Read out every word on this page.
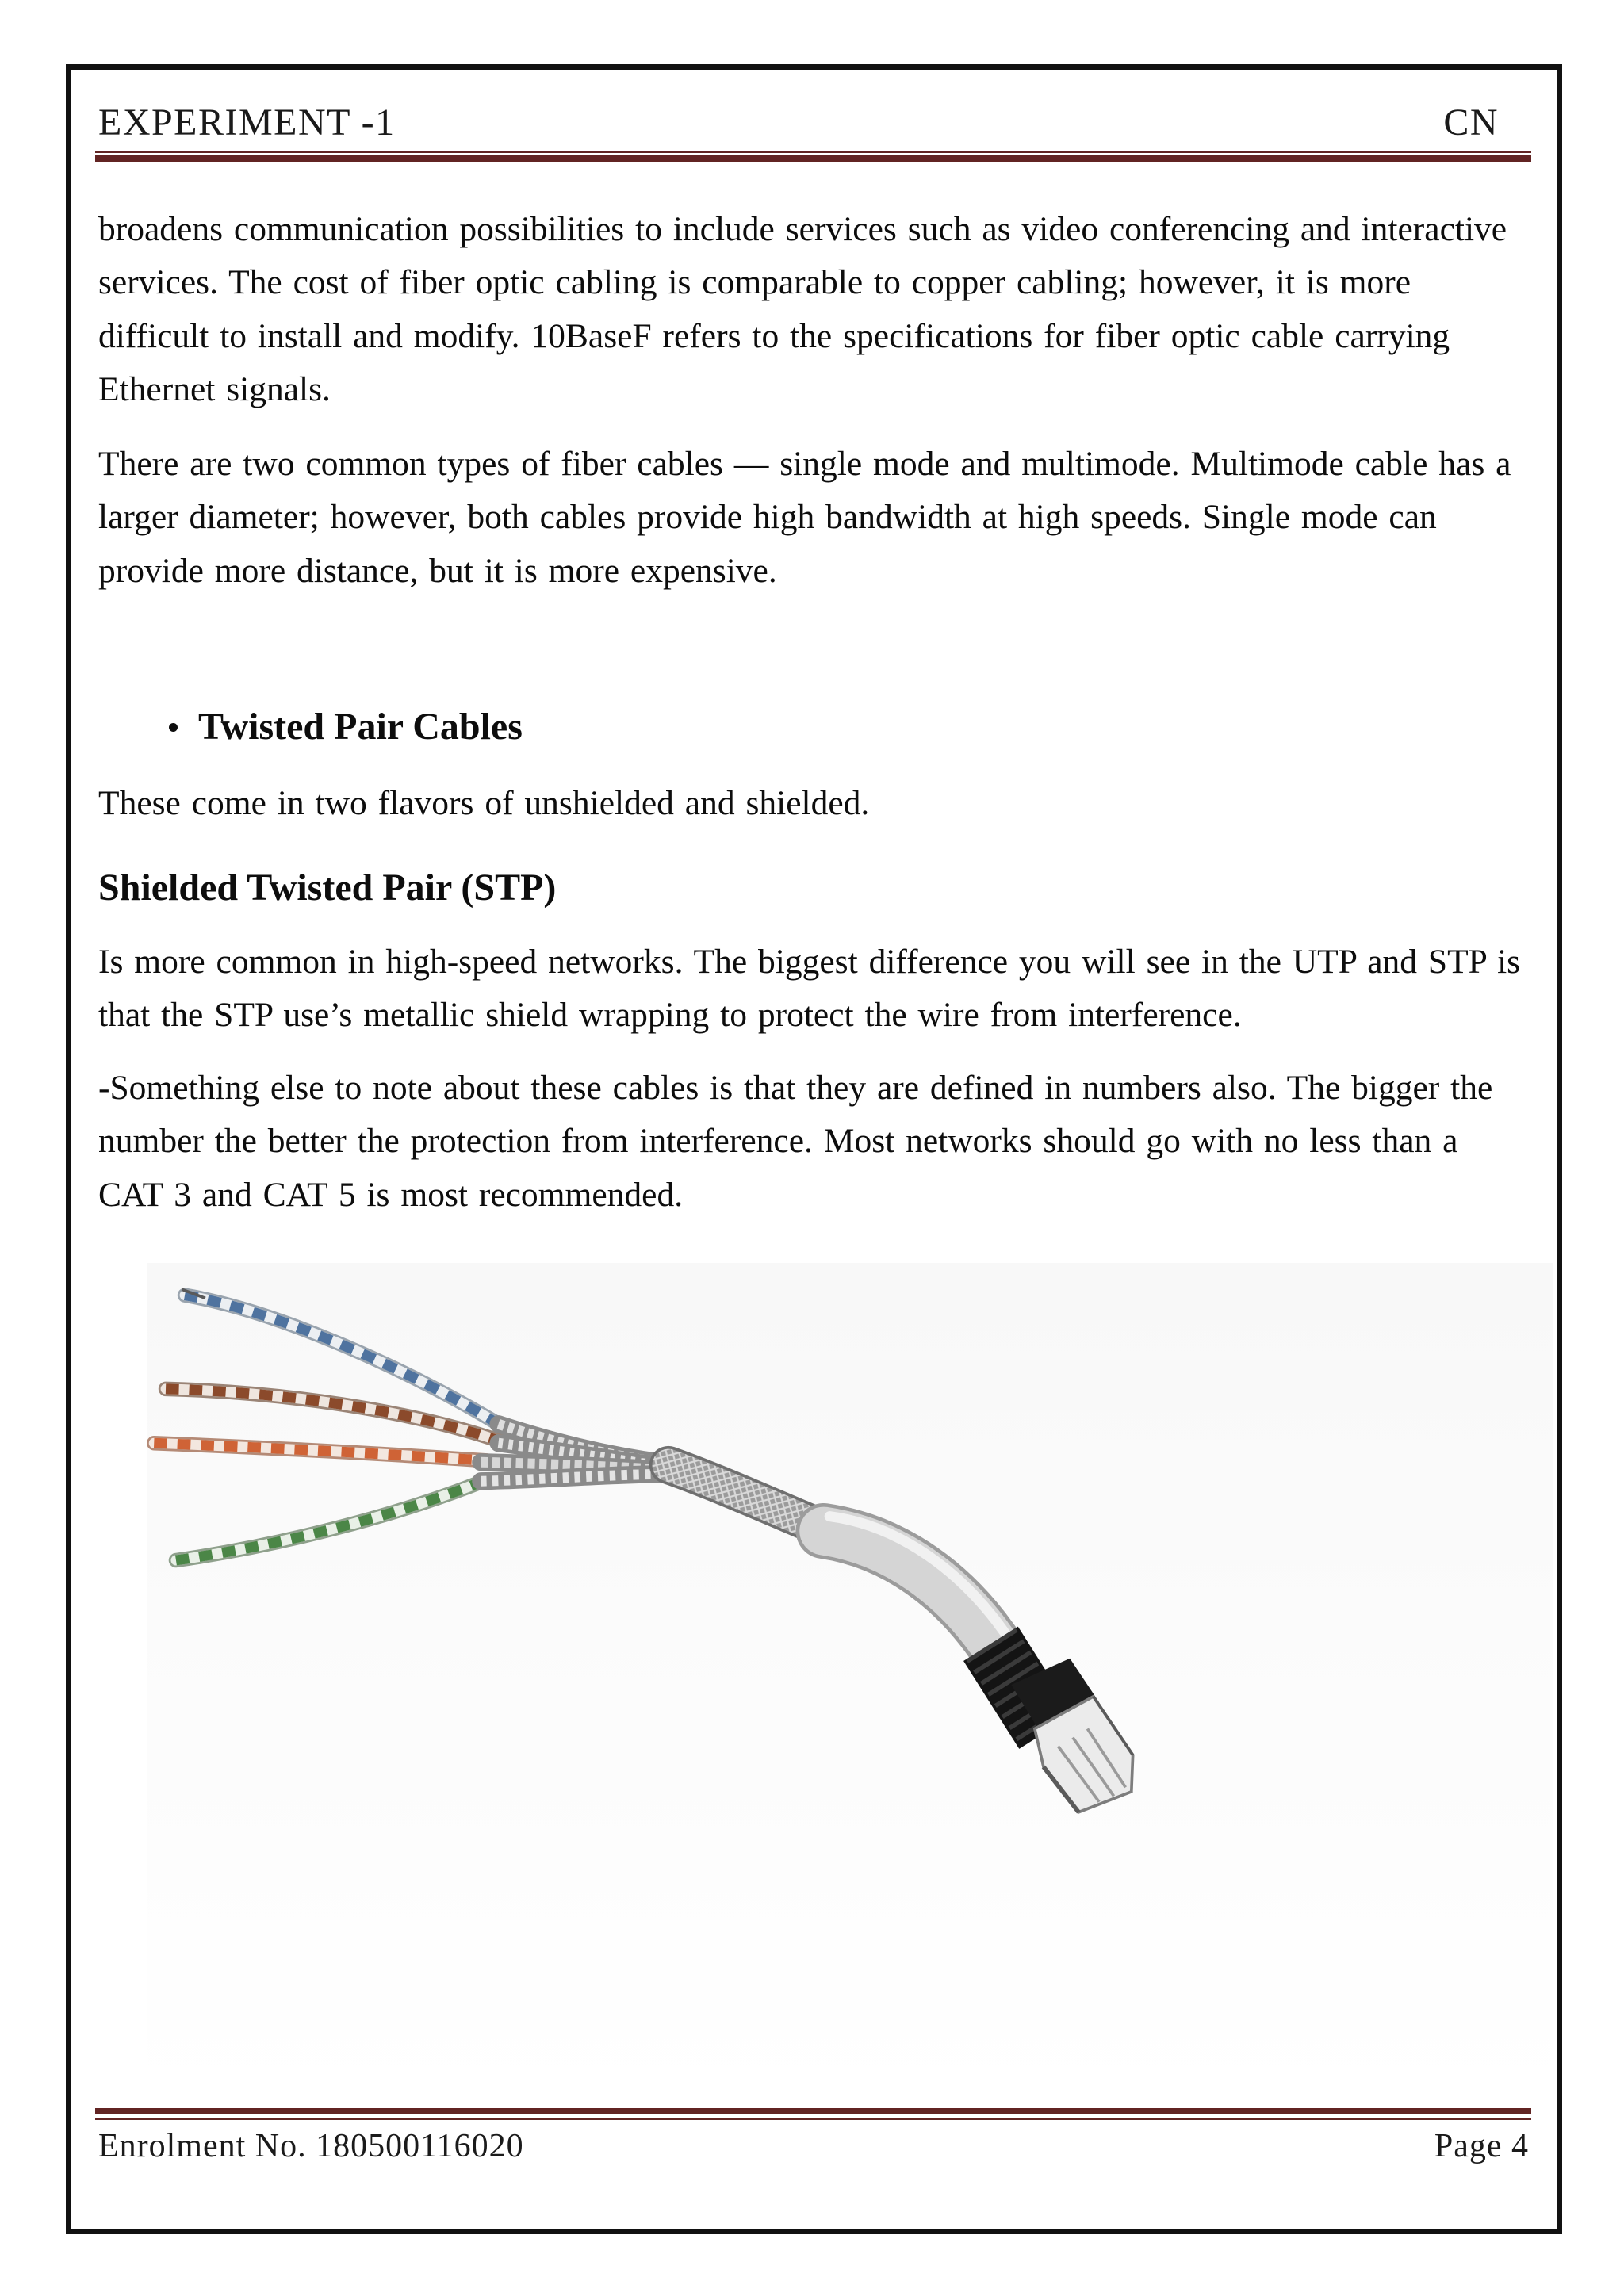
EXPERIMENT -1	CN
broadens communication possibilities to include services such as video conferencing and interactive
services. The cost of fiber optic cabling is comparable to copper cabling; however, it is more
difficult to install and modify. 10BaseF refers to the specifications for fiber optic cable carrying
Ethernet signals.
There are two common types of fiber cables — single mode and multimode. Multimode cable has a
larger diameter; however, both cables provide high bandwidth at high speeds. Single mode can
provide more distance, but it is more expensive.
Twisted Pair Cables
These come in two flavors of unshielded and shielded.
Shielded Twisted Pair (STP)
Is more common in high-speed networks. The biggest difference you will see in the UTP and STP is
that the STP use’s metallic shield wrapping to protect the wire from interference.
-Something else to note about these cables is that they are defined in numbers also. The bigger the
number the better the protection from interference. Most networks should go with no less than a
CAT 3 and CAT 5 is most recommended.
Enrolment No. 180500116020	Page 4
